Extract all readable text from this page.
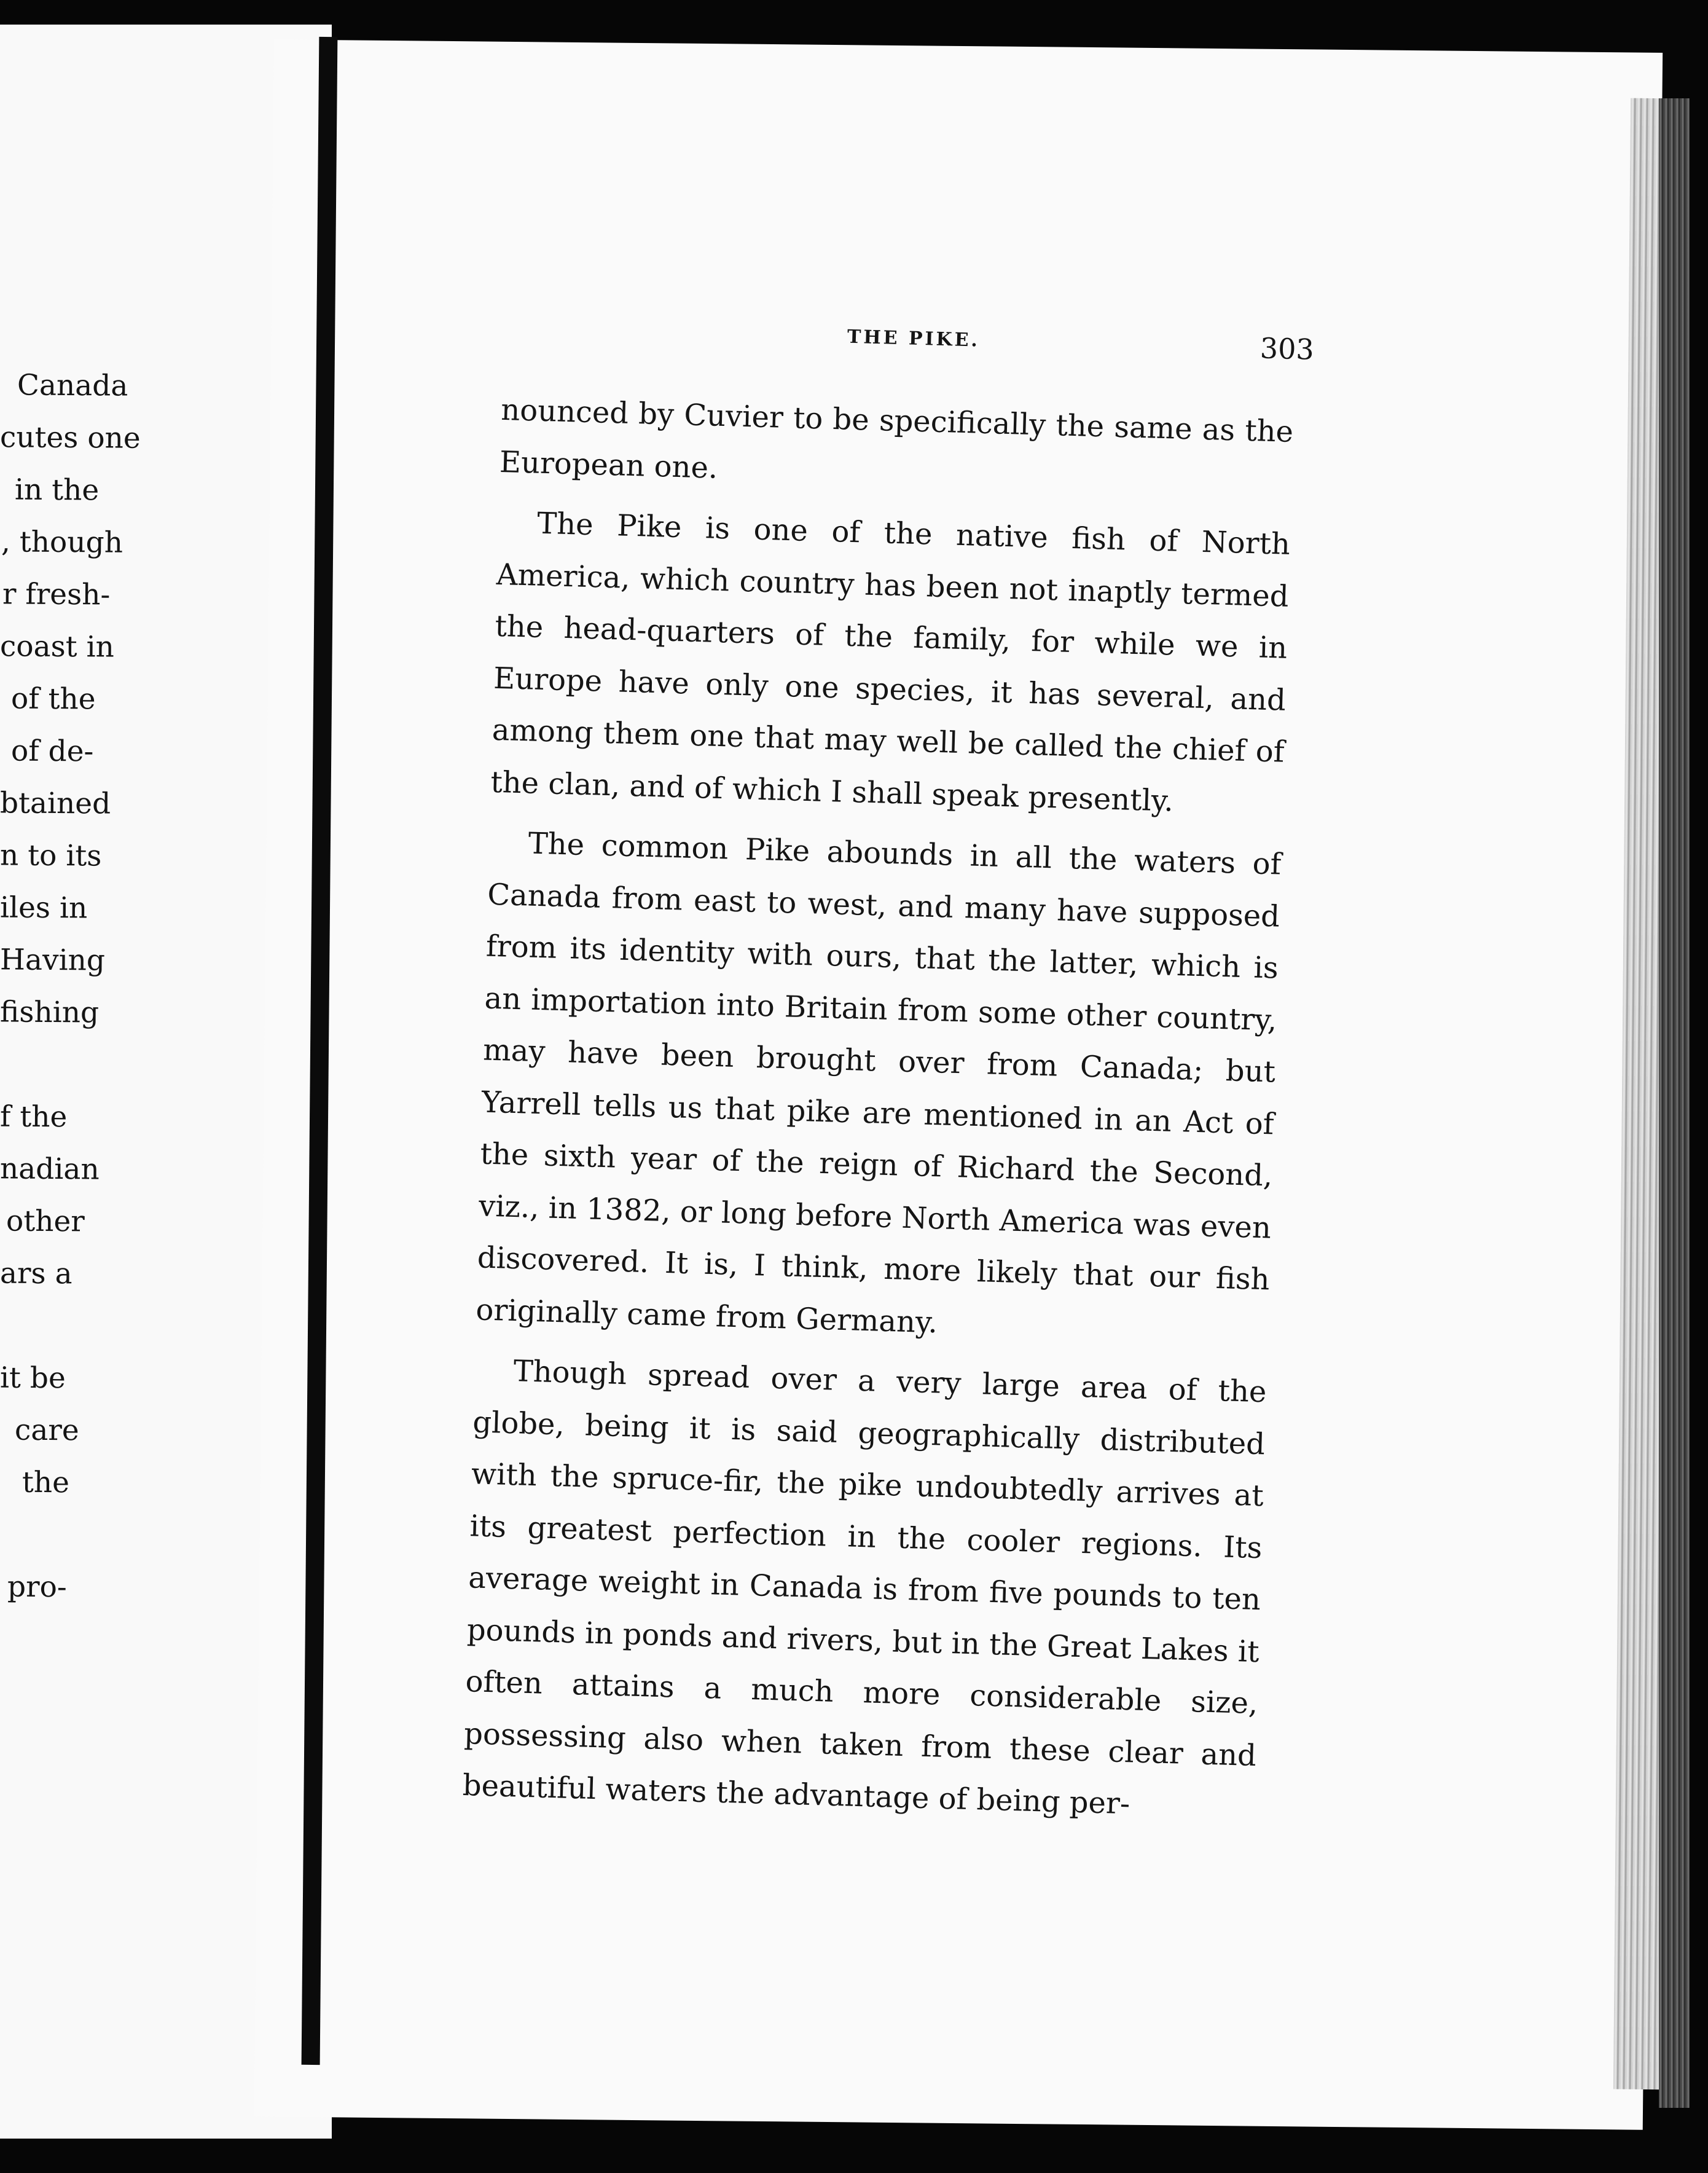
Canada
cutes one
in the
, though
r fresh-
coast in
of the
of de-
btained
n to its
iles in
Having
fishing
f the
nadian
other
ars a
it be
care
the
pro-
THE PIKE.	303

nounced by Cuvier to be specifically the same as the European one.

The Pike is one of the native fish of North America, which country has been not inaptly termed the head-quarters of the family, for while we in Europe have only one species, it has several, and among them one that may well be called the chief of the clan, and of which I shall speak presently.

The common Pike abounds in all the waters of Canada from east to west, and many have supposed from its identity with ours, that the latter, which is an importation into Britain from some other country, may have been brought over from Canada; but Yarrell tells us that pike are mentioned in an Act of the sixth year of the reign of Richard the Second, viz., in 1382, or long before North America was even discovered. It is, I think, more likely that our fish originally came from Germany.

Though spread over a very large area of the globe, being it is said geographically distributed with the spruce-fir, the pike undoubtedly arrives at its greatest perfection in the cooler regions. Its average weight in Canada is from five pounds to ten pounds in ponds and rivers, but in the Great Lakes it often attains a much more considerable size, possessing also when taken from these clear and beautiful waters the advantage of being per-
